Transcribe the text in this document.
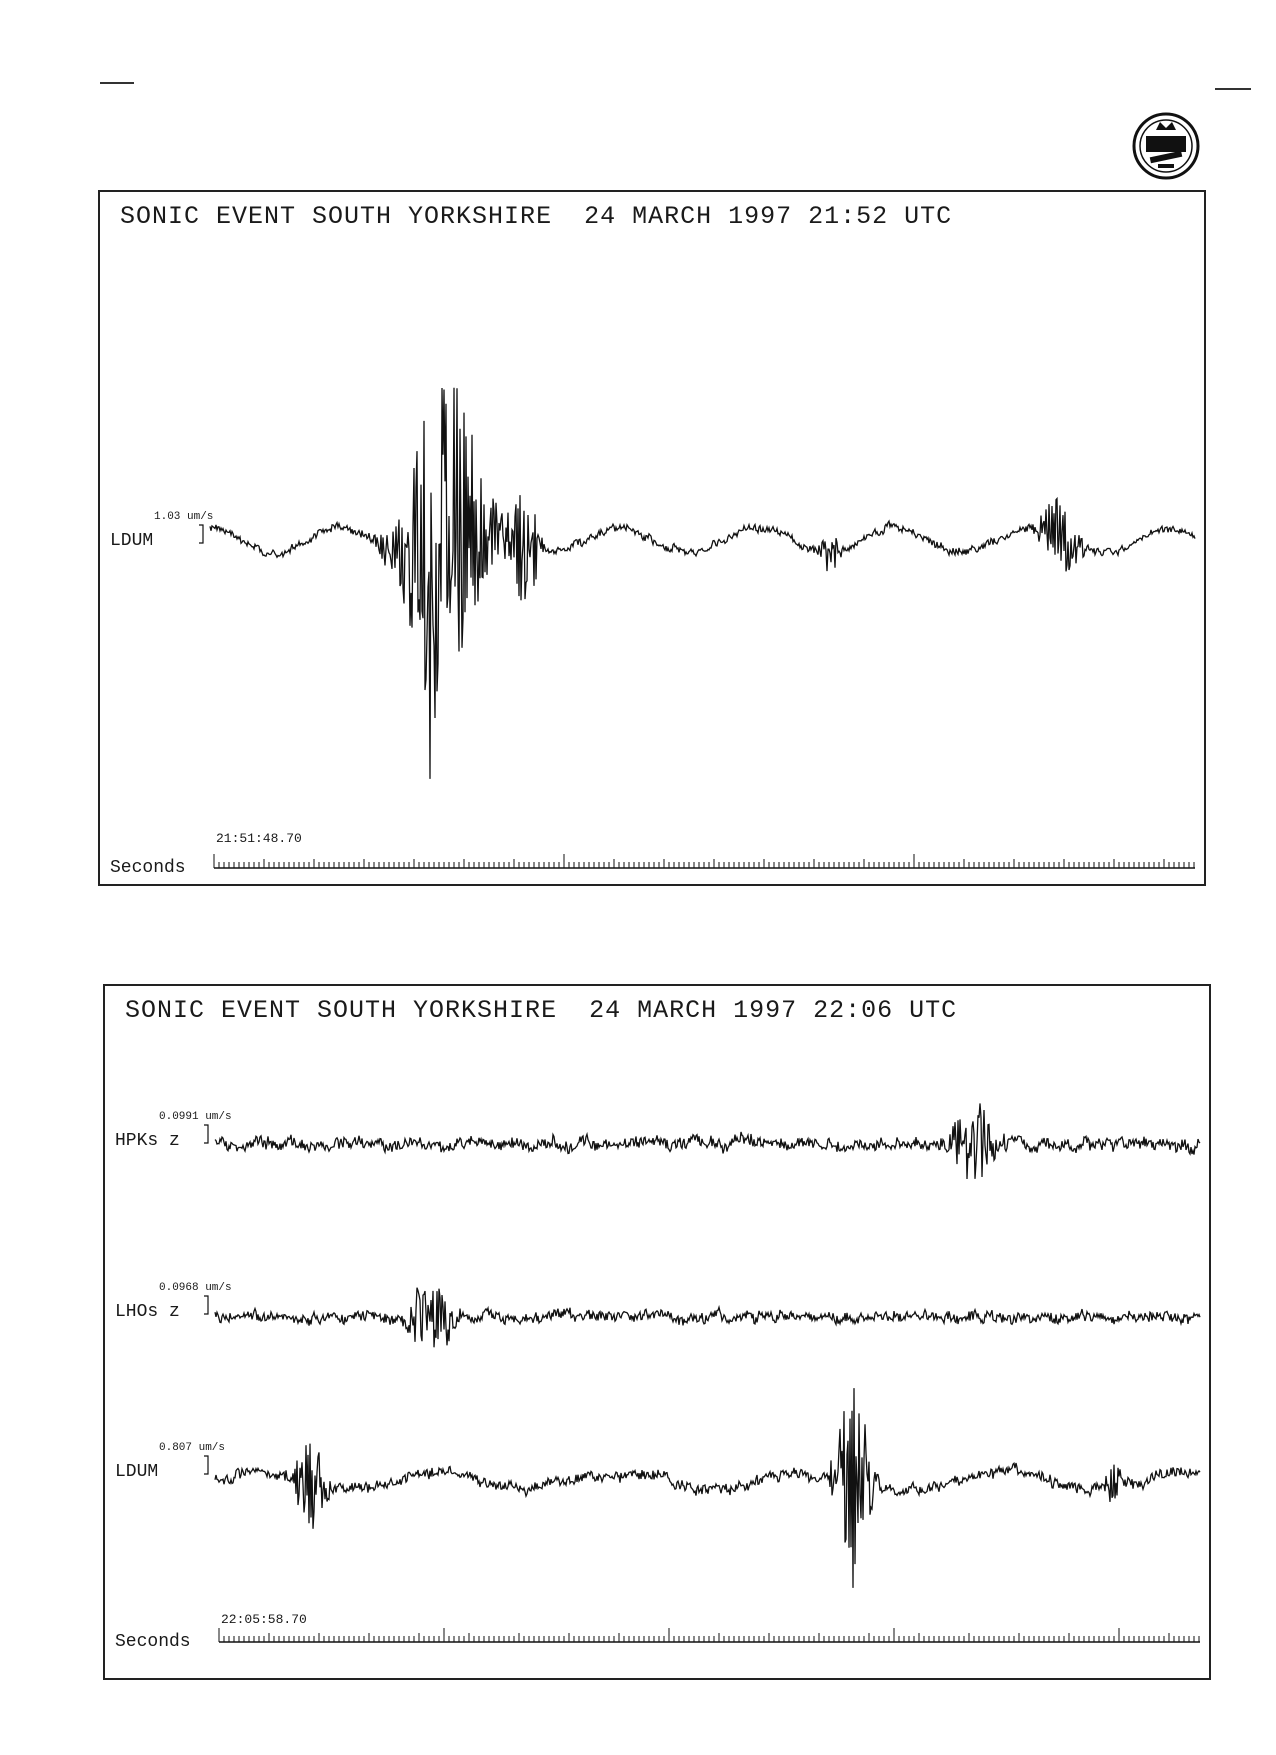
SONIC EVENT SOUTH YORKSHIRE  24 MARCH 1997 21:52 UTC
1.03 um/s
LDUM
21:51:48.70
Seconds
SONIC EVENT SOUTH YORKSHIRE  24 MARCH 1997 22:06 UTC
0.0991 um/s
HPKs z
0.0968 um/s
LHOs z
0.807 um/s
LDUM
22:05:58.70
Seconds
